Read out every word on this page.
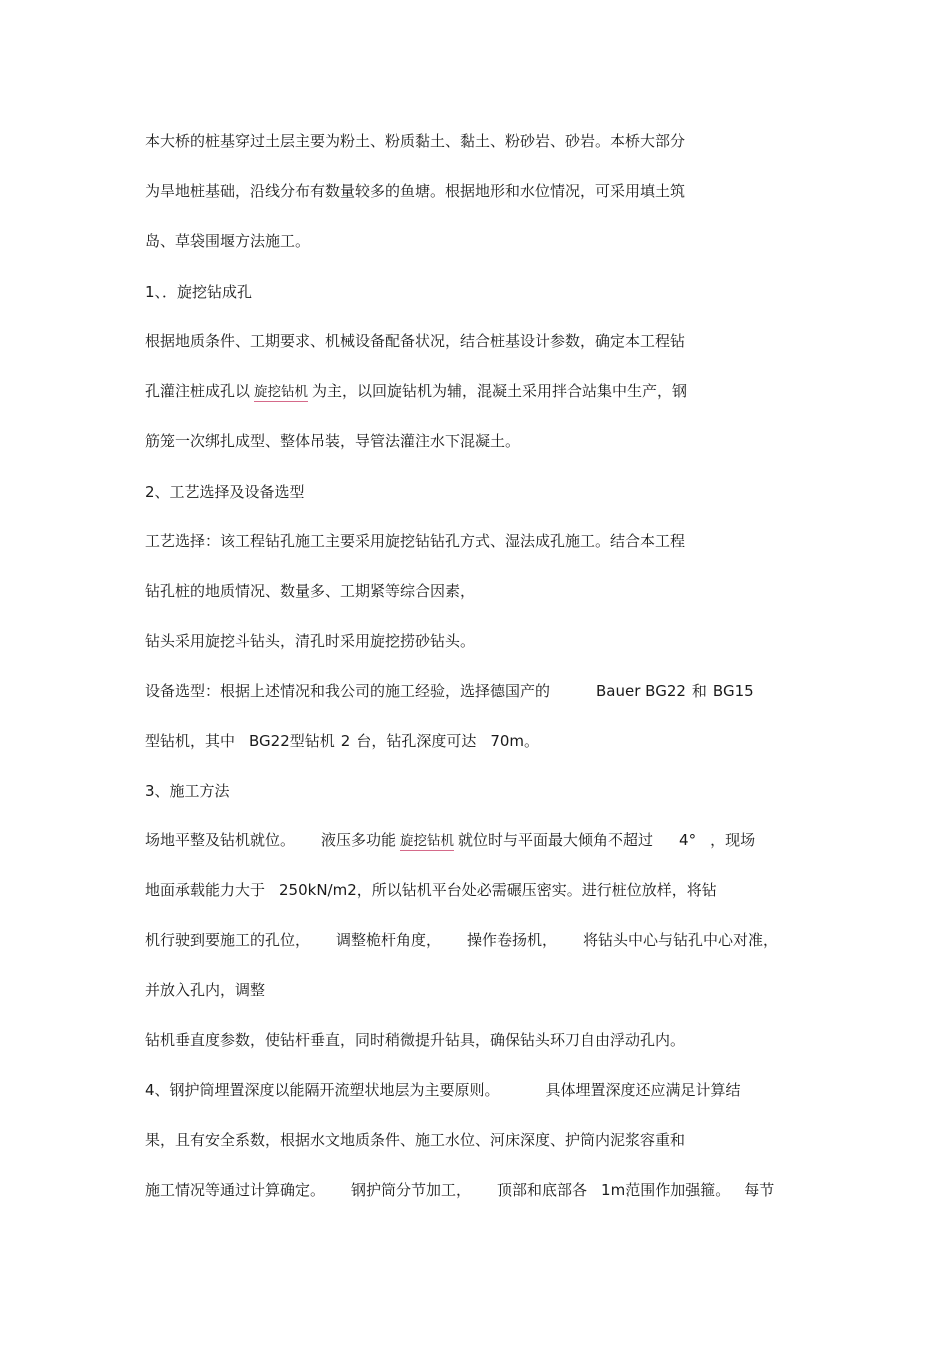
本大桥的桩基穿过土层主要为粉土、粉质黏土、黏土、粉砂岩、砂岩。本桥大部分
为旱地桩基础，沿线分布有数量较多的鱼塘。根据地形和水位情况，可采用填土筑
岛、草袋围堰方法施工。
1、．旋挖钻成孔
根据地质条件、工期要求、机械设备配备状况，结合桩基设计参数，确定本工程钻
孔灌注桩成孔以 旋挖钻机 为主，以回旋钻机为辅，混凝土采用拌合站集中生产，钢
筋笼一次绑扎成型、整体吊装，导管法灌注水下混凝土。
2、工艺选择及设备选型
工艺选择：该工程钻孔施工主要采用旋挖钻钻孔方式、湿法成孔施工。结合本工程
钻孔桩的地质情况、数量多、工期紧等综合因素，
钻头采用旋挖斗钻头，清孔时采用旋挖捞砂钻头。
设备选型：根据上述情况和我公司的施工经验，选择德国产的	Bauer BG22 和 BG15
型钻机，其中 BG22型钻机 2 台，钻孔深度可达 70m。
3、施工方法
场地平整及钻机就位。 液压多功能 旋挖钻机 就位时与平面最大倾角不超过 4° ，现场
地面承载能力大于 250kN/m2，所以钻机平台处必需碾压密实。进行桩位放样，将钻
机行驶到要施工的孔位， 调整桅杆角度， 操作卷扬机， 将钻头中心与钻孔中心对准，
并放入孔内，调整
钻机垂直度参数，使钻杆垂直，同时稍微提升钻具，确保钻头环刀自由浮动孔内。
4、钢护筒埋置深度以能隔开流塑状地层为主要原则。	具体埋置深度还应满足计算结
果，且有安全系数，根据水文地质条件、施工水位、河床深度、护筒内泥浆容重和
施工情况等通过计算确定。 钢护筒分节加工， 顶部和底部各 1m范围作加强箍。 每节
